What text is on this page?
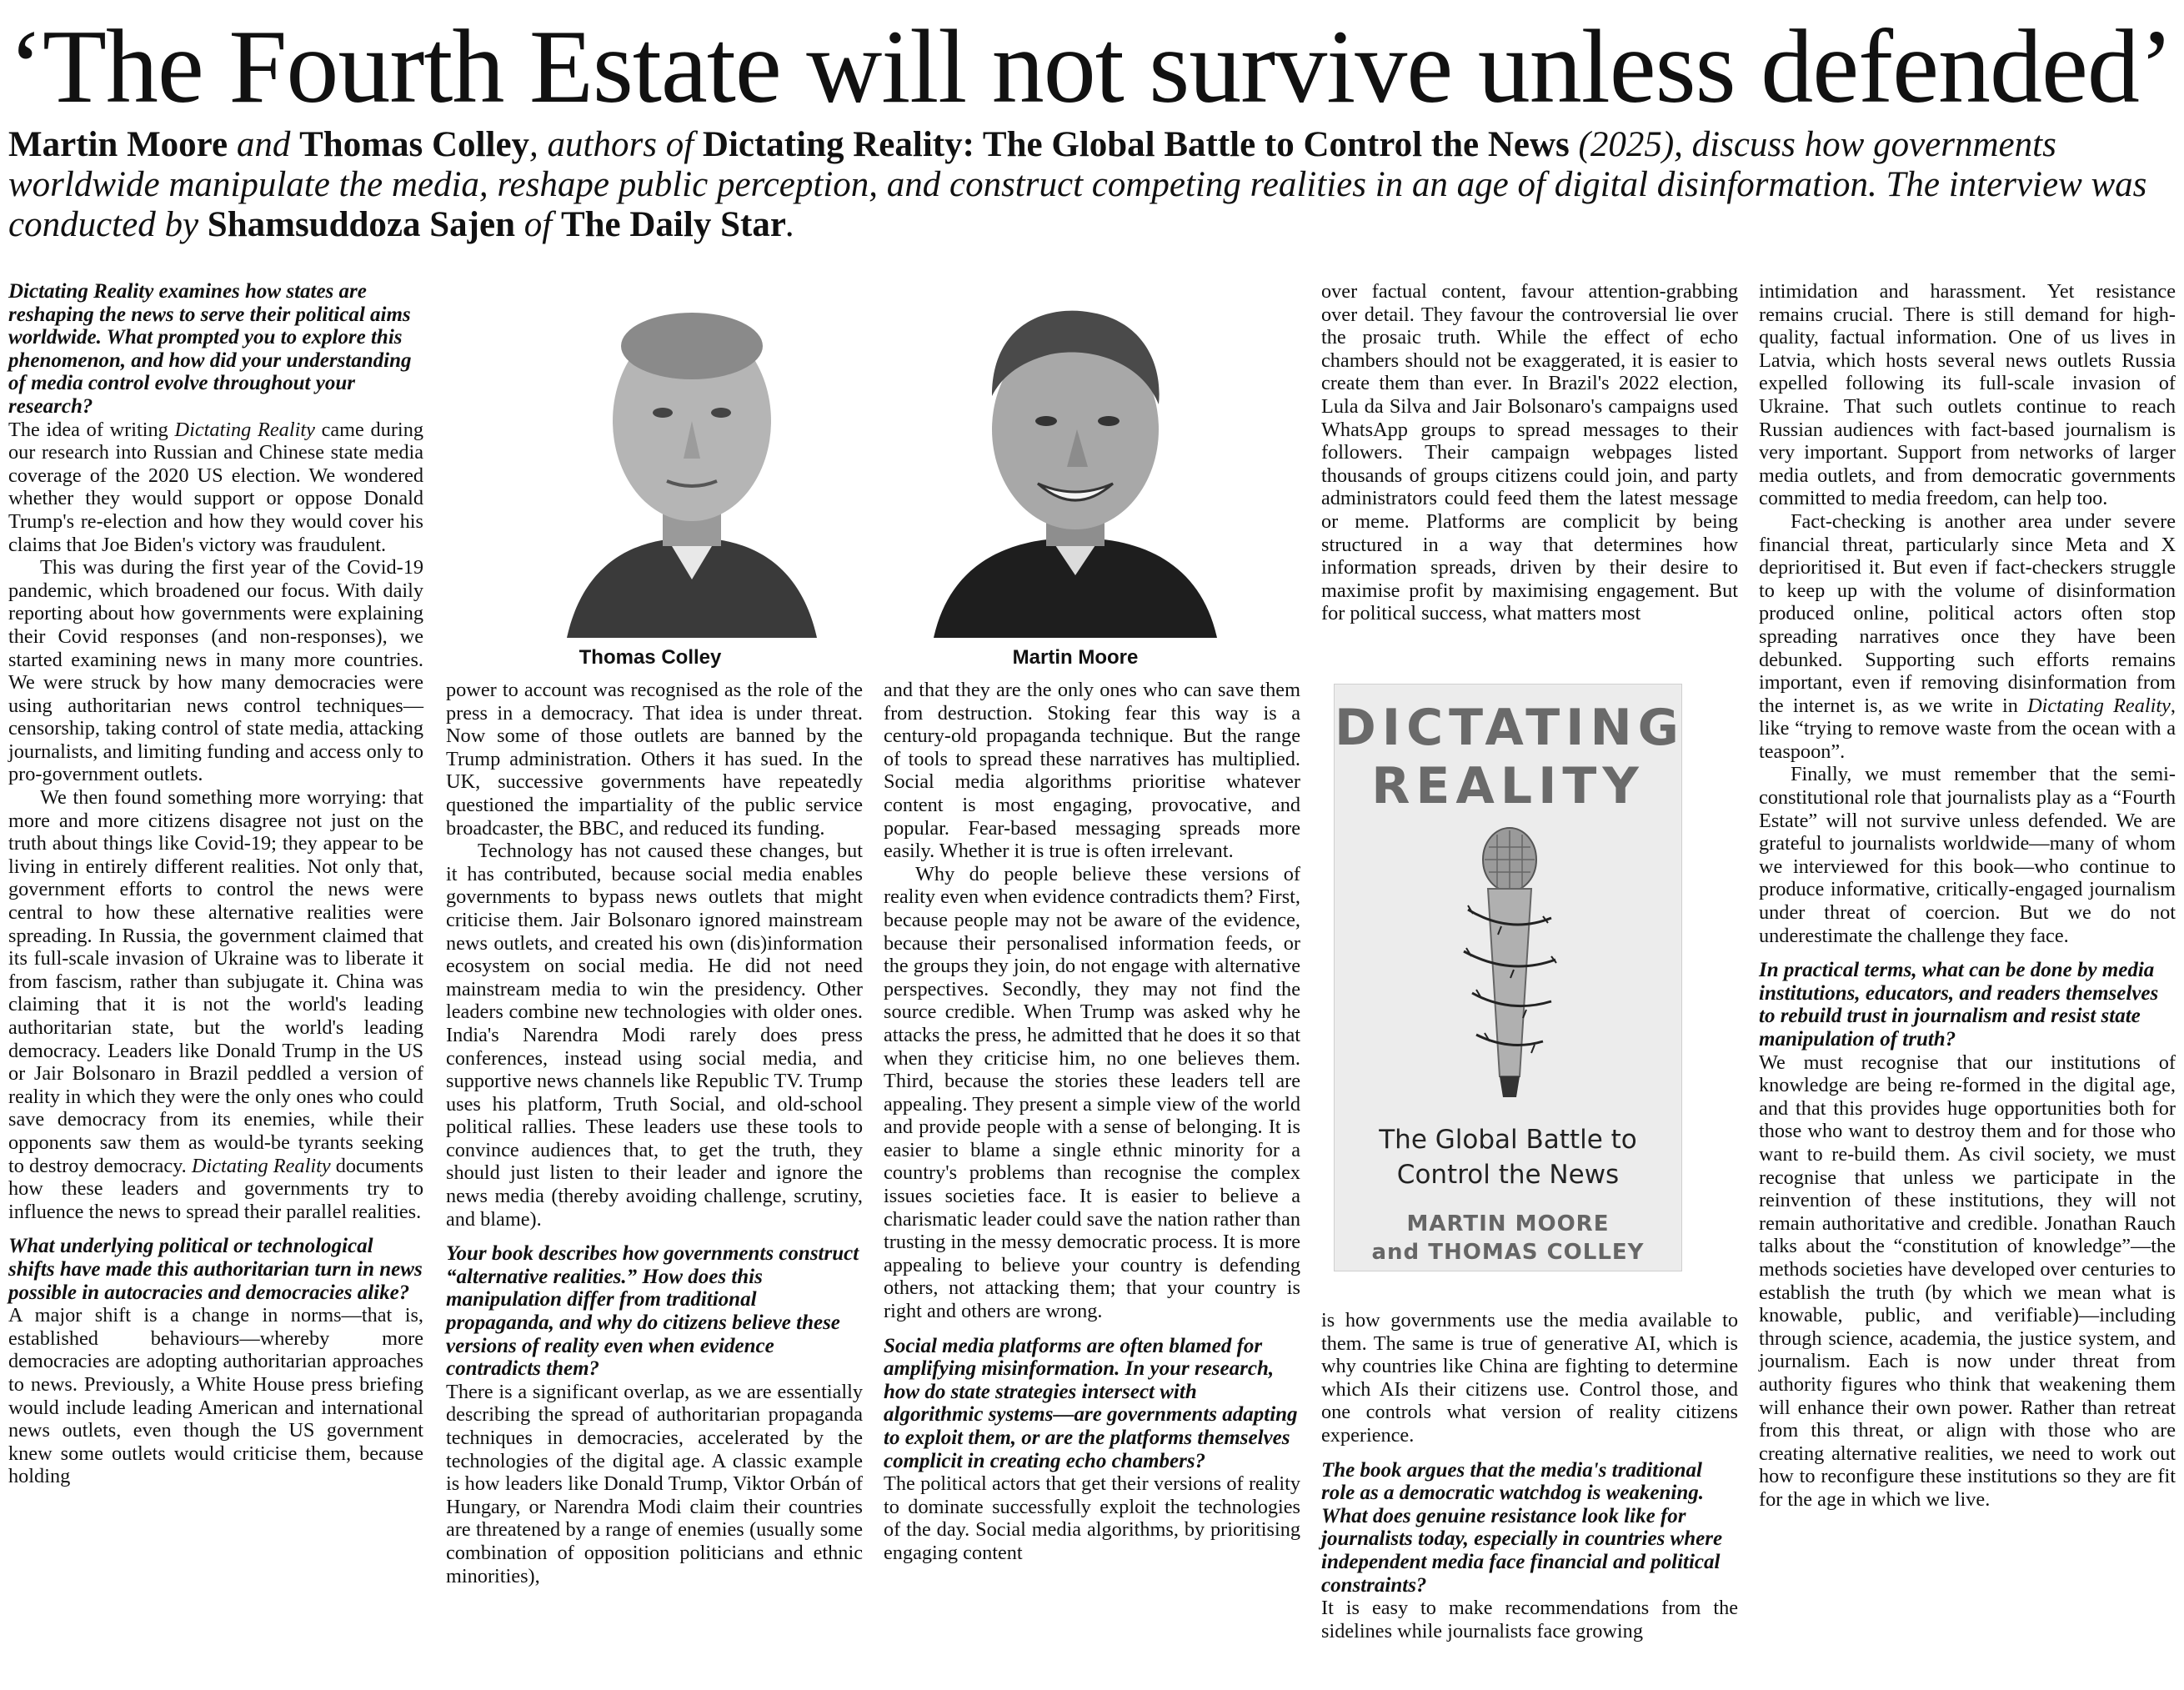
‘The Fourth Estate will not survive unless defended’

Martin Moore and Thomas Colley, authors of Dictating Reality: The Global Battle to Control the News (2025), discuss how governments worldwide manipulate the media, reshape public perception, and construct competing realities in an age of digital disinformation. The interview was conducted by Shamsuddoza Sajen of The Daily Star.

Dictating Reality examines how states are reshaping the news to serve their political aims worldwide. What prompted you to explore this phenomenon, and how did your understanding of media control evolve throughout your research?

The idea of writing Dictating Reality came during our research into Russian and Chinese state media coverage of the 2020 US election. We wondered whether they would support or oppose Donald Trump's re-election and how they would cover his claims that Joe Biden's victory was fraudulent.

This was during the first year of the Covid-19 pandemic, which broadened our focus. With daily reporting about how governments were explaining their Covid responses (and non-responses), we started examining news in many more countries. We were struck by how many democracies were using authoritarian news control techniques—censorship, taking control of state media, attacking journalists, and limiting funding and access only to pro-government outlets.

We then found something more worrying: that more and more citizens disagree not just on the truth about things like Covid-19; they appear to be living in entirely different realities. Not only that, government efforts to control the news were central to how these alternative realities were spreading. In Russia, the government claimed that its full-scale invasion of Ukraine was to liberate it from fascism, rather than subjugate it. China was claiming that it is not the world's leading authoritarian state, but the world's leading democracy. Leaders like Donald Trump in the US or Jair Bolsonaro in Brazil peddled a version of reality in which they were the only ones who could save democracy from its enemies, while their opponents saw them as would-be tyrants seeking to destroy democracy. Dictating Reality documents how these leaders and governments try to influence the news to spread their parallel realities.

What underlying political or technological shifts have made this authoritarian turn in news possible in autocracies and democracies alike?

A major shift is a change in norms—that is, established behaviours—whereby more democracies are adopting authoritarian approaches to news. Previously, a White House press briefing would include leading American and international news outlets, even though the US government knew some outlets would criticise them, because holding

Thomas Colley	Martin Moore

power to account was recognised as the role of the press in a democracy. That idea is under threat. Now some of those outlets are banned by the Trump administration. Others it has sued. In the UK, successive governments have repeatedly questioned the impartiality of the public service broadcaster, the BBC, and reduced its funding.

Technology has not caused these changes, but it has contributed, because social media enables governments to bypass news outlets that might criticise them. Jair Bolsonaro ignored mainstream news outlets, and created his own (dis)information ecosystem on social media. He did not need mainstream media to win the presidency. Other leaders combine new technologies with older ones. India's Narendra Modi rarely does press conferences, instead using social media, and supportive news channels like Republic TV. Trump uses his platform, Truth Social, and old-school political rallies. These leaders use these tools to convince audiences that, to get the truth, they should just listen to their leader and ignore the news media (thereby avoiding challenge, scrutiny, and blame).

Your book describes how governments construct “alternative realities.” How does this manipulation differ from traditional propaganda, and why do citizens believe these versions of reality even when evidence contradicts them?

There is a significant overlap, as we are essentially describing the spread of authoritarian propaganda techniques in democracies, accelerated by the technologies of the digital age. A classic example is how leaders like Donald Trump, Viktor Orbán of Hungary, or Narendra Modi claim their countries are threatened by a range of enemies (usually some combination of opposition politicians and ethnic minorities),

and that they are the only ones who can save them from destruction. Stoking fear this way is a century-old propaganda technique. But the range of tools to spread these narratives has multiplied. Social media algorithms prioritise whatever content is most engaging, provocative, and popular. Fear-based messaging spreads more easily. Whether it is true is often irrelevant.

Why do people believe these versions of reality even when evidence contradicts them? First, because people may not be aware of the evidence, because their personalised information feeds, or the groups they join, do not engage with alternative perspectives. Secondly, they may not find the source credible. When Trump was asked why he attacks the press, he admitted that he does it so that when they criticise him, no one believes them. Third, because the stories these leaders tell are appealing. They present a simple view of the world and provide people with a sense of belonging. It is easier to blame a single ethnic minority for a country's problems than recognise the complex issues societies face. It is easier to believe a charismatic leader could save the nation rather than trusting in the messy democratic process. It is more appealing to believe your country is defending others, not attacking them; that your country is right and others are wrong.

Social media platforms are often blamed for amplifying misinformation. In your research, how do state strategies intersect with algorithmic systems—are governments adapting to exploit them, or are the platforms themselves complicit in creating echo chambers?

The political actors that get their versions of reality to dominate successfully exploit the technologies of the day. Social media algorithms, by prioritising engaging content

over factual content, favour attention-grabbing over detail. They favour the controversial lie over the prosaic truth. While the effect of echo chambers should not be exaggerated, it is easier to create them than ever. In Brazil's 2022 election, Lula da Silva and Jair Bolsonaro's campaigns used WhatsApp groups to spread messages to their followers. Their campaign webpages listed thousands of groups citizens could join, and party administrators could feed them the latest message or meme. Platforms are complicit by being structured in a way that determines how information spreads, driven by their desire to maximise profit by maximising engagement. But for political success, what matters most

DICTATING
REALITY
The Global Battle to
Control the News
MARTIN MOORE
and THOMAS COLLEY

is how governments use the media available to them. The same is true of generative AI, which is why countries like China are fighting to determine which AIs their citizens use. Control those, and one controls what version of reality citizens experience.

The book argues that the media's traditional role as a democratic watchdog is weakening. What does genuine resistance look like for journalists today, especially in countries where independent media face financial and political constraints?

It is easy to make recommendations from the sidelines while journalists face growing

intimidation and harassment. Yet resistance remains crucial. There is still demand for high-quality, factual information. One of us lives in Latvia, which hosts several news outlets Russia expelled following its full-scale invasion of Ukraine. That such outlets continue to reach Russian audiences with fact-based journalism is very important. Support from networks of larger media outlets, and from democratic governments committed to media freedom, can help too.

Fact-checking is another area under severe financial threat, particularly since Meta and X deprioritised it. But even if fact-checkers struggle to keep up with the volume of disinformation produced online, political actors often stop spreading narratives once they have been debunked. Supporting such efforts remains important, even if removing disinformation from the internet is, as we write in Dictating Reality, like “trying to remove waste from the ocean with a teaspoon”.

Finally, we must remember that the semi-constitutional role that journalists play as a “Fourth Estate” will not survive unless defended. We are grateful to journalists worldwide—many of whom we interviewed for this book—who continue to produce informative, critically-engaged journalism under threat of coercion. But we do not underestimate the challenge they face.

In practical terms, what can be done by media institutions, educators, and readers themselves to rebuild trust in journalism and resist state manipulation of truth?

We must recognise that our institutions of knowledge are being re-formed in the digital age, and that this provides huge opportunities both for those who want to destroy them and for those who want to re-build them. As civil society, we must recognise that unless we participate in the reinvention of these institutions, they will not remain authoritative and credible. Jonathan Rauch talks about the “constitution of knowledge”—the methods societies have developed over centuries to establish the truth (by which we mean what is knowable, public, and verifiable)—including through science, academia, the justice system, and journalism. Each is now under threat from authority figures who think that weakening them will enhance their own power. Rather than retreat from this threat, or align with those who are creating alternative realities, we need to work out how to reconfigure these institutions so they are fit for the age in which we live.
